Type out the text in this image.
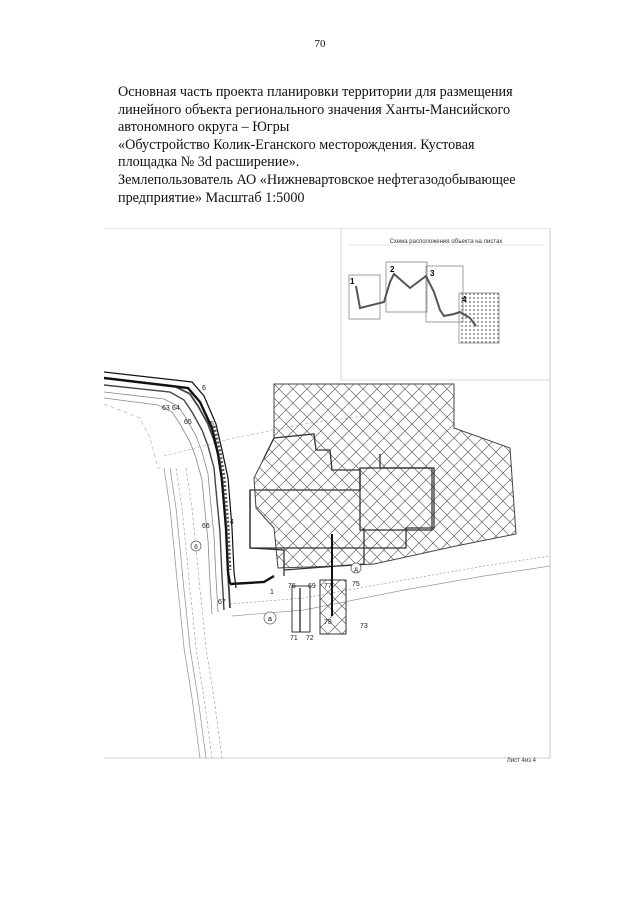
70
Основная часть проекта планировки территории для размещения
линейного объекта регионального значения Ханты-Мансийского
автономного округа – Югры
«Обустройство Колик-Еганского месторождения. Кустовая
площадка № 3d расширение».
Землепользователь АО «Нижневартовское нефтегазодобывающее
предприятие» Масштаб 1:5000
Схема расположения объекта на листах
1
2	3
4
а
д
б
6
5
63 64
65
66
67
4
76 69 77	75
78
73
71 72
1
Лист 4из 4
